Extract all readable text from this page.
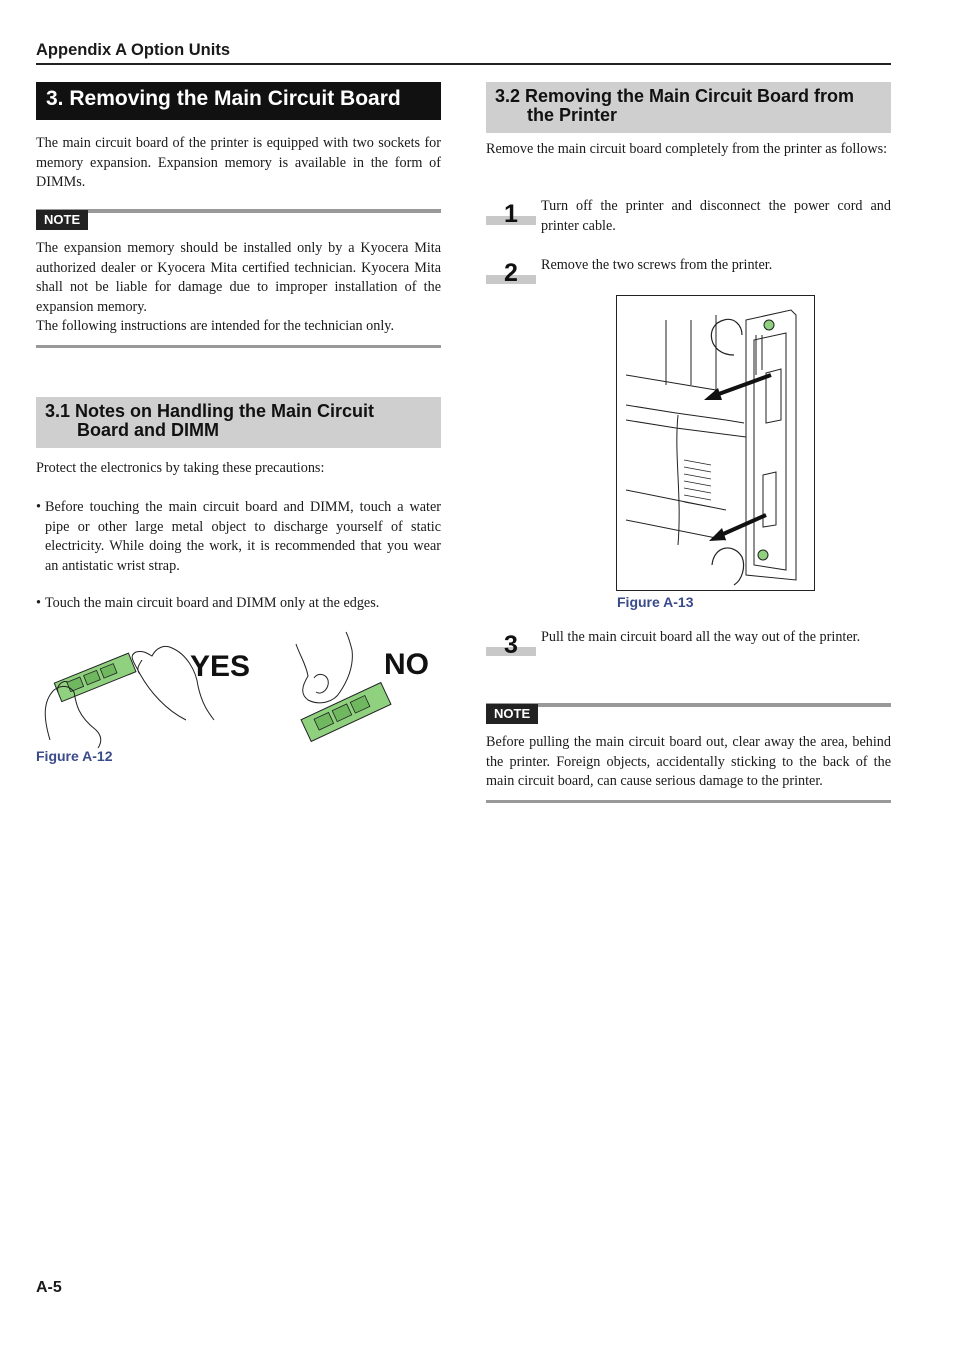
Appendix A Option Units
3. Removing the Main Circuit Board
The main circuit board of the printer is equipped with two sockets for memory expansion. Expansion memory is available in the form of DIMMs.
NOTE
The expansion memory should be installed only by a Kyocera Mita authorized dealer or Kyocera Mita certified technician. Kyocera Mita shall not be liable for damage due to improper installation of the expansion memory.
The following instructions are intended for the technician only.
3.1 Notes on Handling the Main Circuit
Board and DIMM
Protect the electronics by taking these precautions:
• Before touching the main circuit board and DIMM, touch a water pipe or other large metal object to discharge yourself of static electricity. While doing the work, it is recommended that you wear an antistatic wrist strap.
• Touch the main circuit board and DIMM only at the edges.
YES	NO
Figure A-12
3.2 Removing the Main Circuit Board from
the Printer
Remove the main circuit board completely from the printer as follows:
1	Turn off the printer and disconnect the power cord and printer cable.
2	Remove the two screws from the printer.
Figure A-13
3	Pull the main circuit board all the way out of the printer.
NOTE
Before pulling the main circuit board out, clear away the area, behind the printer. Foreign objects, accidentally sticking to the back of the main circuit board, can cause serious damage to the printer.
A-5
